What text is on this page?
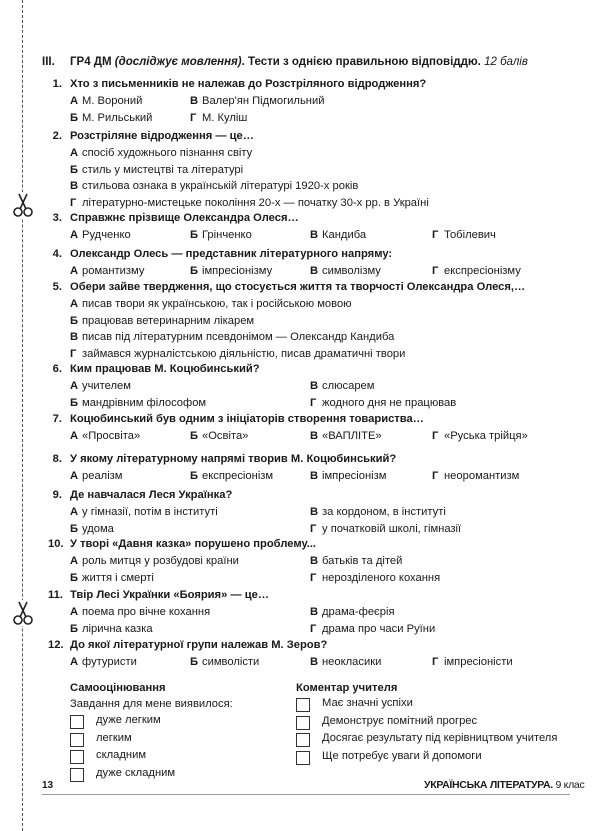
III. ГР4 ДМ (досліджує мовлення). Тести з однією правильною відповіддю. 12 балів
1. Хто з письменників не належав до Розстріляного відродження?
А М. Вороний	В Валер'ян Підмогильний
Б М. Рильський	Г М. Куліш
2. Розстріляне відродження — це…
А спосіб художнього пізнання світу
Б стиль у мистецтві та літературі
В стильова ознака в українській літературі 1920-х років
Г літературно-мистецьке покоління 20-х — початку 30-х рр. в Україні
3. Справжнє прізвище Олександра Олеся…
А Рудченко	Б Грінченко	В Кандиба	Г Тобілевич
4. Олександр Олесь — представник літературного напряму:
А романтизму	Б імпресіонізму	В символізму	Г експресіонізму
5. Обери зайве твердження, що стосується життя та творчості Олександра Олеся,…
А писав твори як українською, так і російською мовою
Б працював ветеринарним лікарем
В писав під літературним псевдонімом — Олександр Кандиба
Г займався журналістською діяльністю, писав драматичні твори
6. Ким працював М. Коцюбинський?
А учителем	В слюсарем
Б мандрівним філософом	Г жодного дня не працював
7. Коцюбинський був одним з ініціаторів створення товариства…
А «Просвіта»	Б «Освіта»	В «ВАПЛІТЕ»	Г «Руська трійця»
8. У якому літературному напрямі творив М. Коцюбинський?
А реалізм	Б експресіонізм	В імпресіонізм	Г неоромантизм
9. Де навчалася Леся Українка?
А у гімназії, потім в інституті	В за кордоном, в інституті
Б удома	Г у початковій школі, гімназії
10. У творі «Давня казка» порушено проблему...
А роль митця у розбудові країни	В батьків та дітей
Б життя і смерті	Г нерозділеного кохання
11. Твір Лесі Українки «Боярия» — це…
А поема про вічне кохання	В драма-феєрія
Б лірична казка	Г драма про часи Руїни
12. До якої літературної групи належав М. Зеров?
А футуристи	Б символісти	В неокласики	Г імпресіоністи
Самооцінювання
Завдання для мене виявилося:
Коментар учителя
дуже легким
легким
складним
дуже складним
Має значні успіхи
Демонструє помітний прогрес
Досягає результату під керівництвом учителя
Ще потребує уваги й допомоги
13	УКРАЇНСЬКА ЛІТЕРАТУРА. 9 клас
